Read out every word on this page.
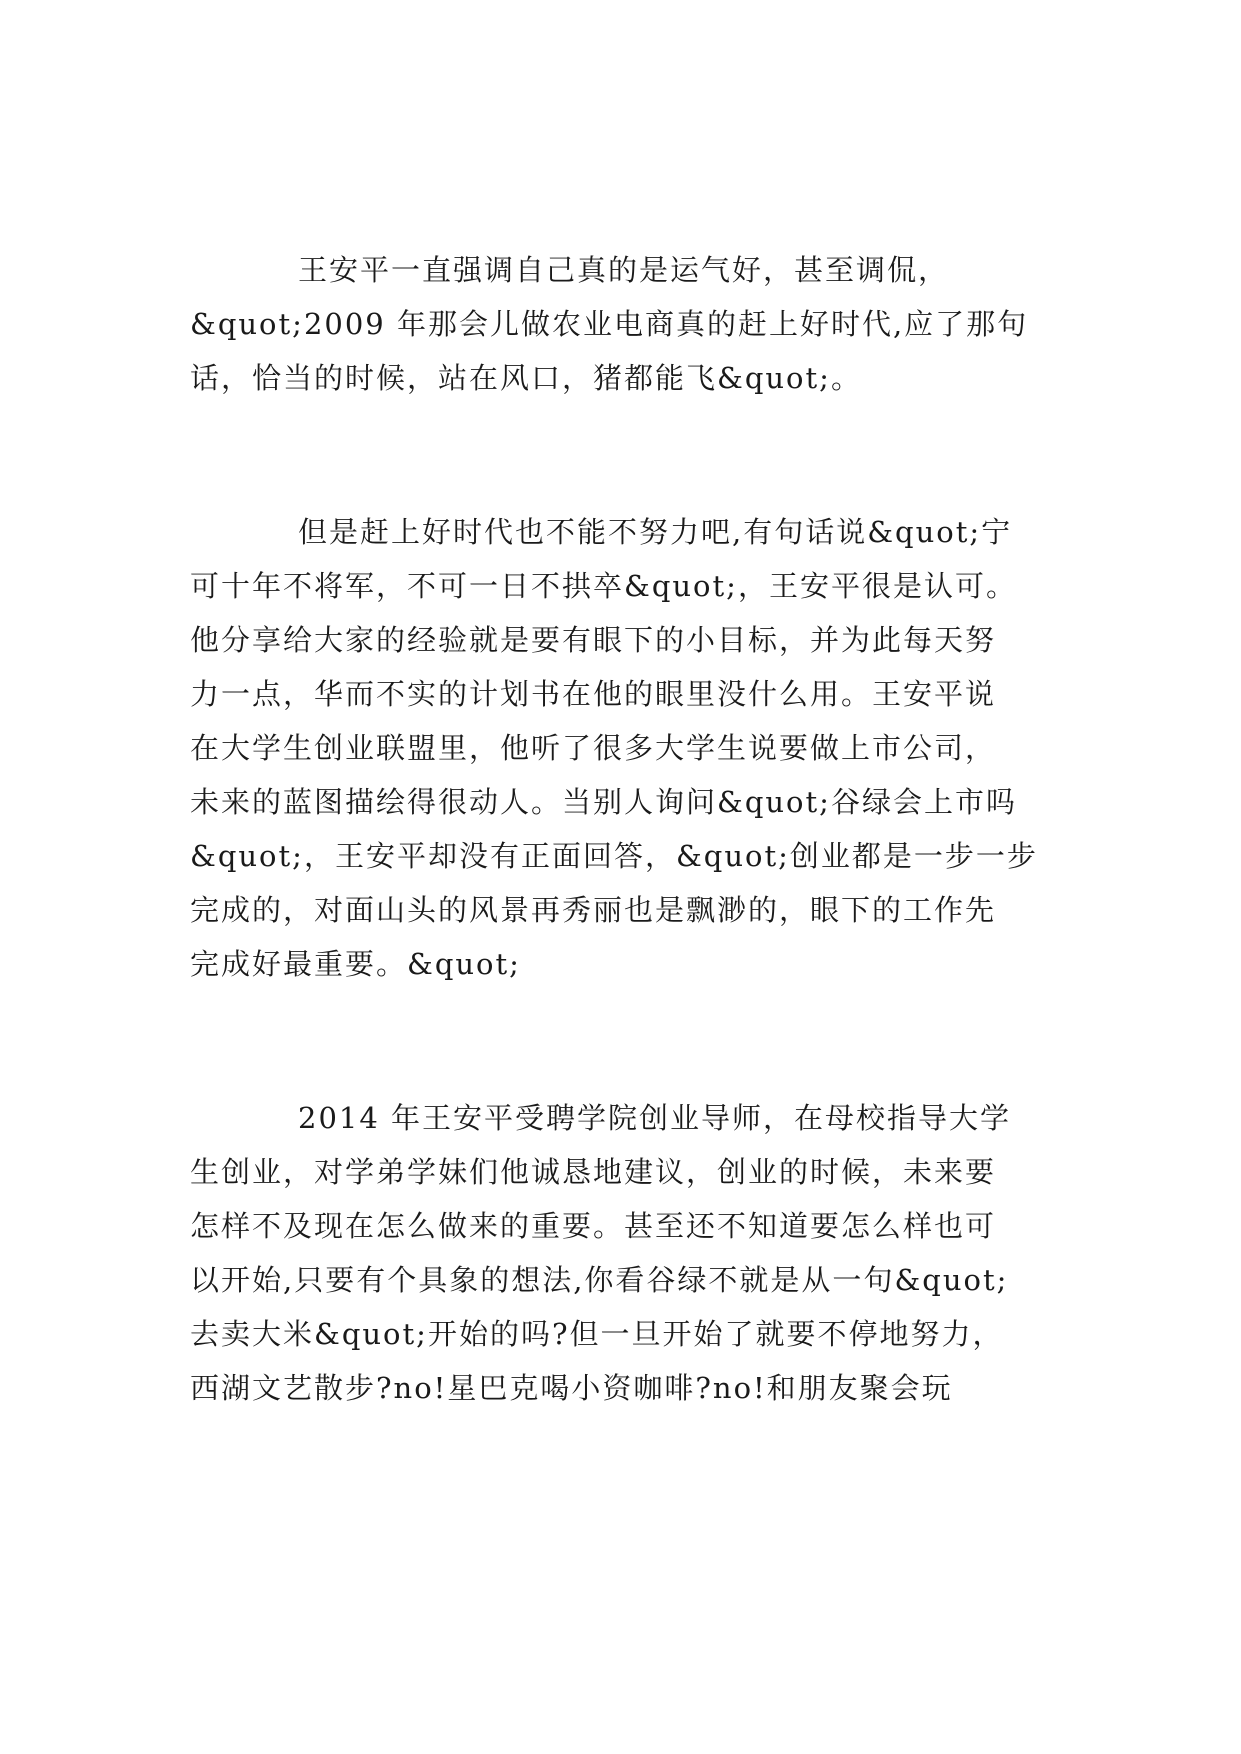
王安平一直强调自己真的是运气好，甚至调侃，

&quot;2009 年那会儿做农业电商真的赶上好时代,应了那句

话，恰当的时候，站在风口，猪都能飞&quot;。

但是赶上好时代也不能不努力吧,有句话说&quot;宁

可十年不将军，不可一日不拱卒&quot;，王安平很是认可。

他分享给大家的经验就是要有眼下的小目标，并为此每天努

力一点，华而不实的计划书在他的眼里没什么用。王安平说

在大学生创业联盟里，他听了很多大学生说要做上市公司，

未来的蓝图描绘得很动人。当别人询问&quot;谷绿会上市吗

&quot;，王安平却没有正面回答，&quot;创业都是一步一步

完成的，对面山头的风景再秀丽也是飘渺的，眼下的工作先

完成好最重要。&quot;

2014 年王安平受聘学院创业导师，在母校指导大学

生创业，对学弟学妹们他诚恳地建议，创业的时候，未来要

怎样不及现在怎么做来的重要。甚至还不知道要怎么样也可

以开始,只要有个具象的想法,你看谷绿不就是从一句&quot;

去卖大米&quot;开始的吗?但一旦开始了就要不停地努力，

西湖文艺散步?no!星巴克喝小资咖啡?no!和朋友聚会玩
